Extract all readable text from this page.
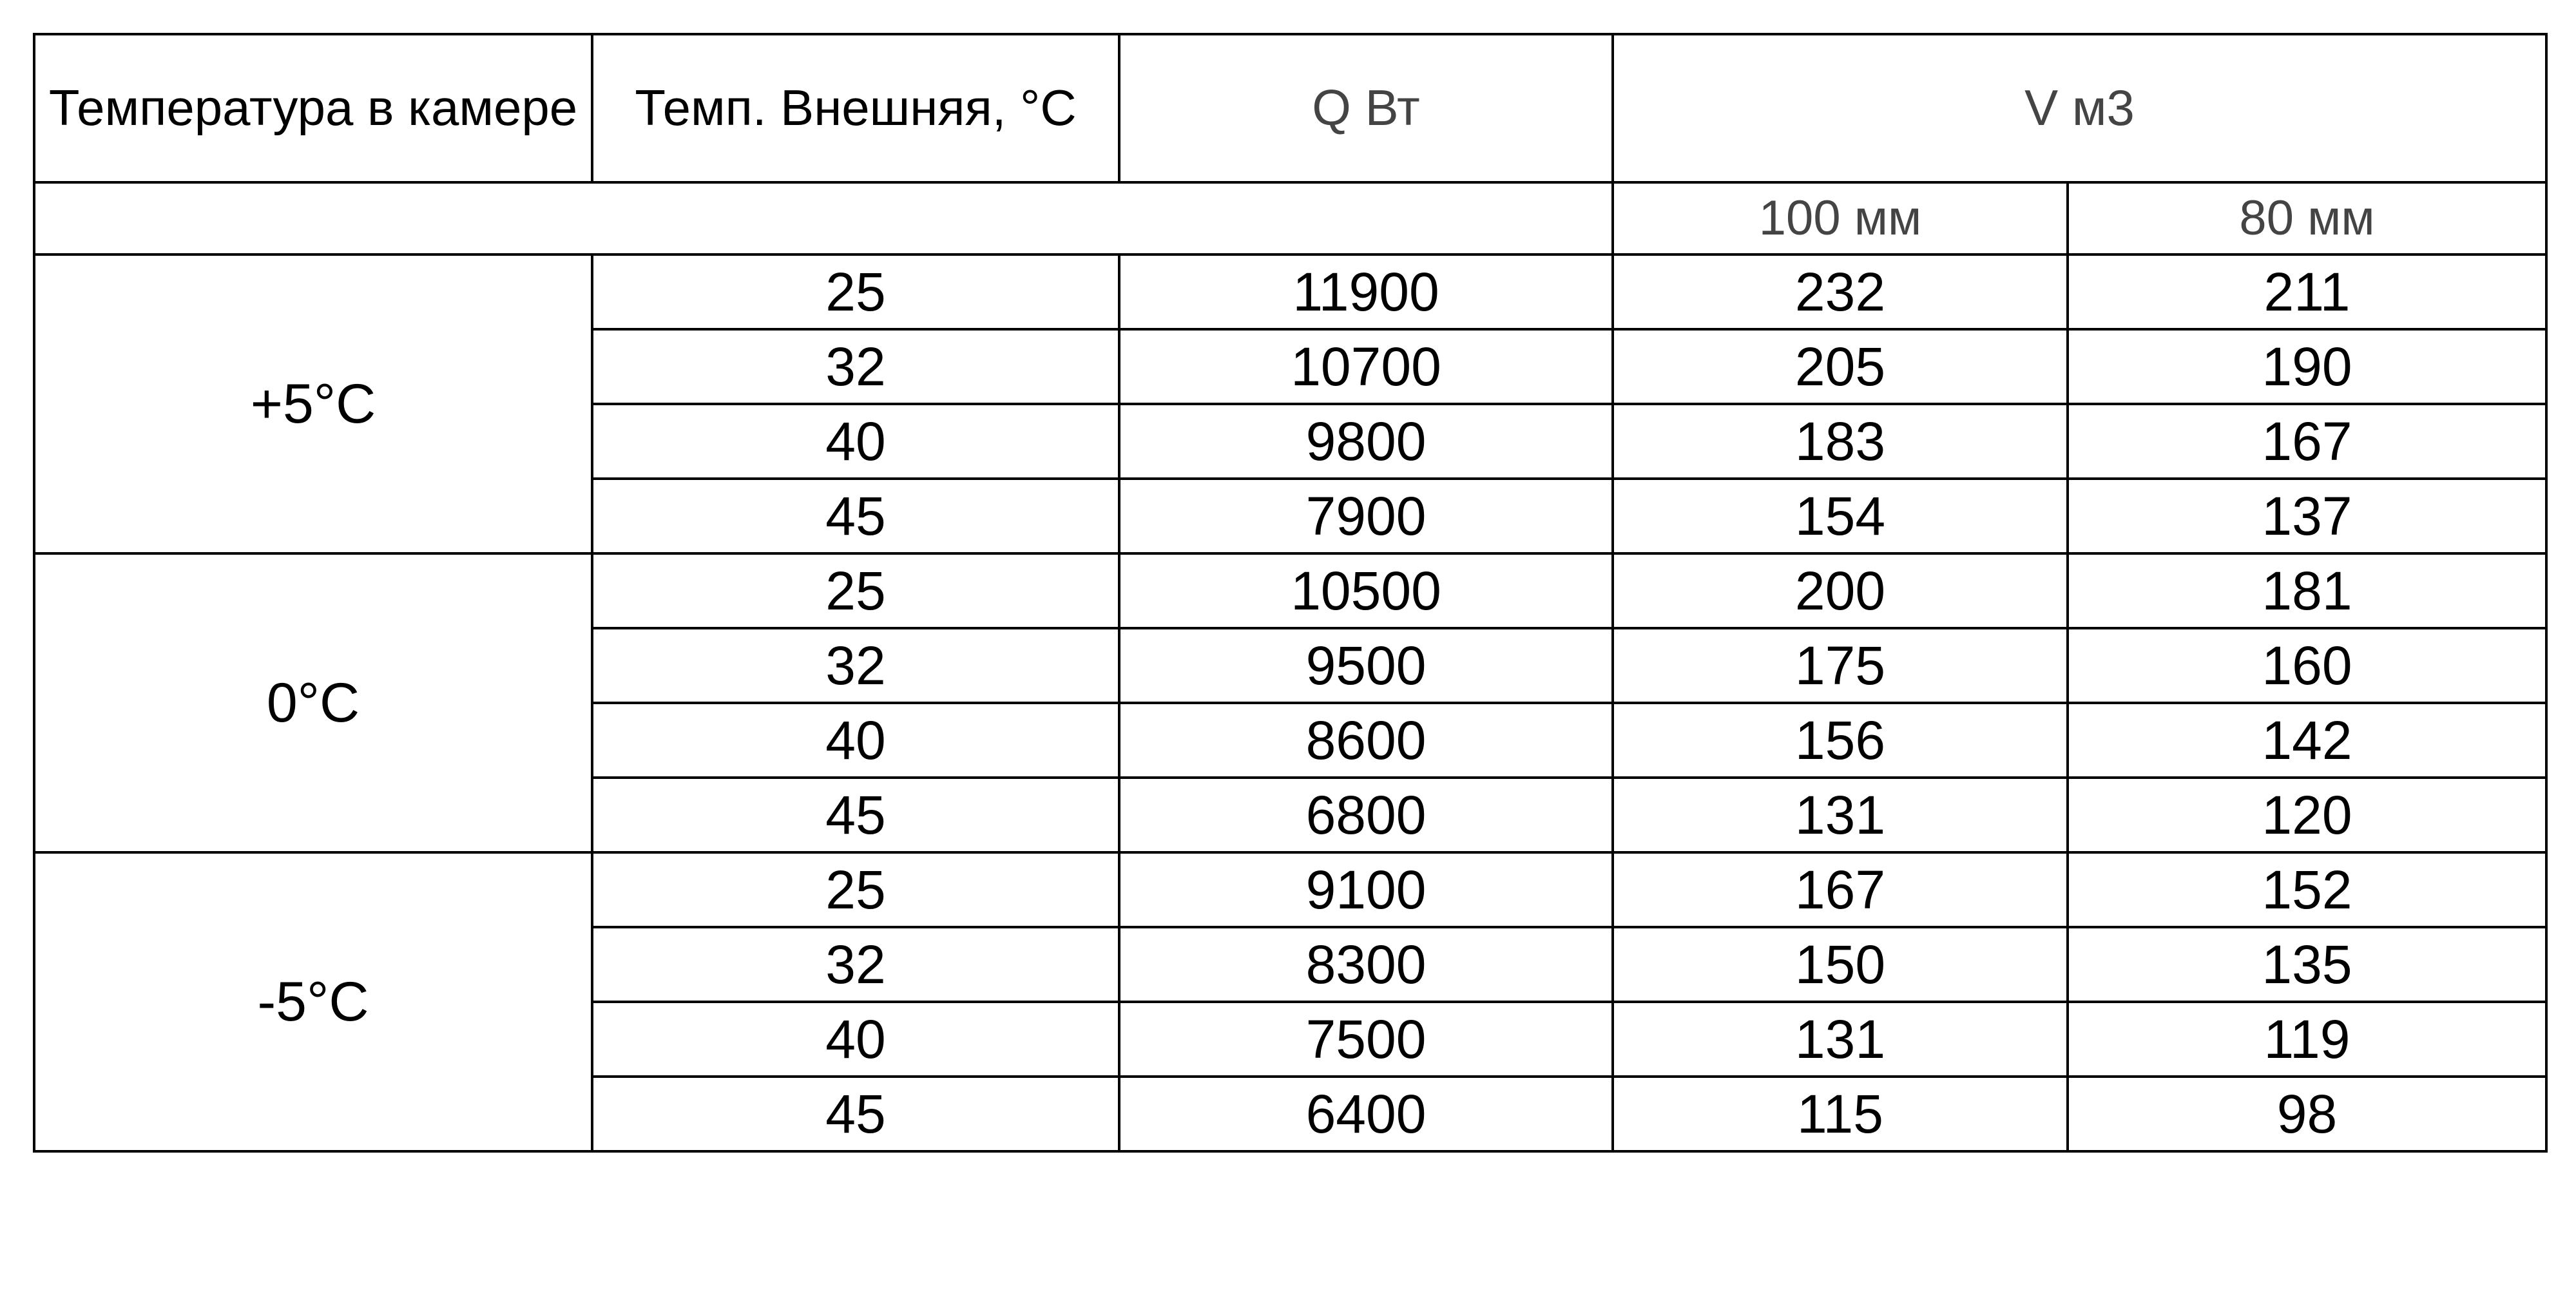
Температура в камере	Темп. Внешняя, °C	Q Вт	V м3	
			100 мм	80 мм
+5°C	25	11900	232	211
	32	10700	205	190
	40	9800	183	167
	45	7900	154	137
0°C	25	10500	200	181
	32	9500	175	160
	40	8600	156	142
	45	6800	131	120
-5°C	25	9100	167	152
	32	8300	150	135
	40	7500	131	119
	45	6400	115	98
